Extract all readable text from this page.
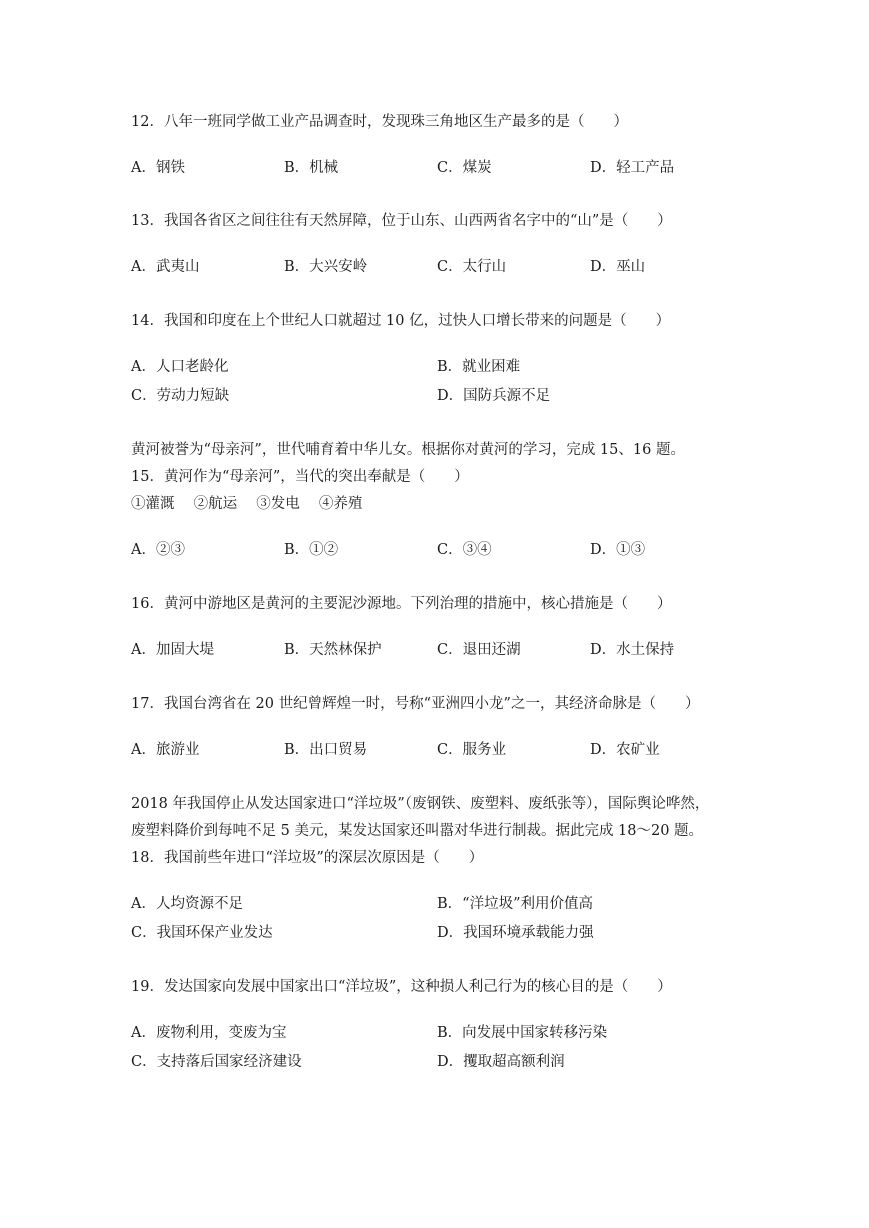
12．八年一班同学做工业产品调查时，发现珠三角地区生产最多的是（　　）
A．钢铁	B．机械	C．煤炭	D．轻工产品
13．我国各省区之间往往有天然屏障，位于山东、山西两省名字中的“山”是（　　）
A．武夷山	B．大兴安岭	C．太行山	D．巫山
14．我国和印度在上个世纪人口就超过 10 亿，过快人口增长带来的问题是（　　）
A．人口老龄化	B．就业困难
C．劳动力短缺	D．国防兵源不足
黄河被誉为“母亲河”，世代哺育着中华儿女。根据你对黄河的学习，完成 15、16 题。
15．黄河作为“母亲河”，当代的突出奉献是（　　）
①灌溉　 ②航运　 ③发电　 ④养殖
A．②③	B．①②	C．③④	D．①③
16．黄河中游地区是黄河的主要泥沙源地。下列治理的措施中，核心措施是（　　）
A．加固大堤	B．天然林保护	C．退田还湖	D．水土保持
17．我国台湾省在 20 世纪曾辉煌一时，号称“亚洲四小龙”之一，其经济命脉是（　　）
A．旅游业	B．出口贸易	C．服务业	D．农矿业
2018 年我国停止从发达国家进口“洋垃圾”（废钢铁、废塑料、废纸张等），国际舆论哗然，
废塑料降价到每吨不足 5 美元，某发达国家还叫嚣对华进行制裁。据此完成 18～20 题。
18．我国前些年进口“洋垃圾”的深层次原因是（　　）
A．人均资源不足	B．“洋垃圾”利用价值高
C．我国环保产业发达	D．我国环境承载能力强
19．发达国家向发展中国家出口“洋垃圾”，这种损人利己行为的核心目的是（　　）
A．废物利用，变废为宝	B．向发展中国家转移污染
C．支持落后国家经济建设	D．攫取超高额利润
